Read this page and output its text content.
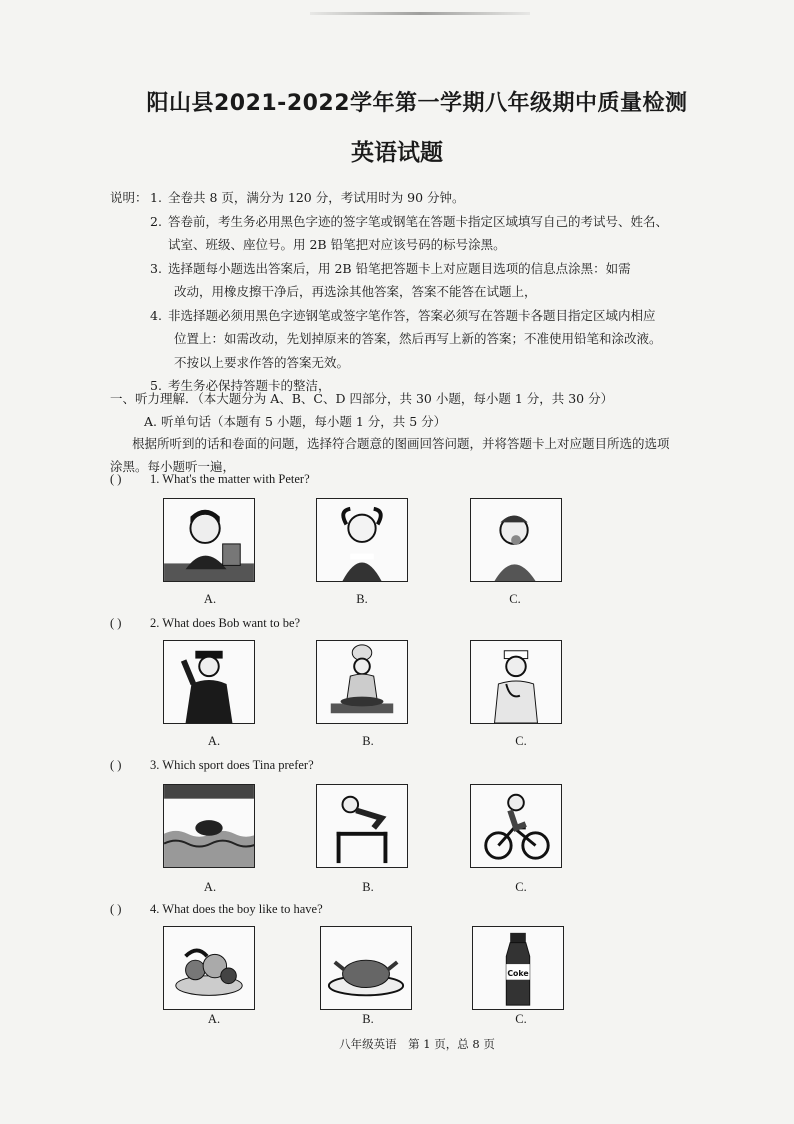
阳山县2021-2022学年第一学期八年级期中质量检测
英语试题
说明： 1. 全卷共 8 页，满分为 120 分，考试用时为 90 分钟。
2. 答卷前，考生务必用黑色字迹的签字笔或钢笔在答题卡指定区域填写自己的考试号、姓名、
试室、班级、座位号。用 2B 铅笔把对应该号码的标号涂黑。
3. 选择题每小题选出答案后，用 2B 铅笔把答题卡上对应题目选项的信息点涂黑：如需
改动，用橡皮擦干净后，再选涂其他答案，答案不能答在试题上，
4. 非选择题必须用黑色字迹钢笔或签字笔作答，答案必须写在答题卡各题目指定区域内相应
位置上：如需改动，先划掉原来的答案，然后再写上新的答案；不准使用铅笔和涂改液。
不按以上要求作答的答案无效。
5. 考生务必保持答题卡的整洁，
一、听力理解．（本大题分为 A、B、C、D 四部分，共 30 小题，每小题 1 分，共 30 分）
A. 听单句话（本题有 5 小题，每小题 1 分，共 5 分）
根据所听到的话和卷面的问题，选择符合题意的图画回答问题，并将答题卡上对应题目所选的选项
涂黑。每小题听一遍，
( ) 1. What's the matter with Peter?
A.	B.	C.
( ) 2. What does Bob want to be?
A.	B.	C.
( ) 3. Which sport does Tina prefer?
A.	B.	C.
( ) 4. What does the boy like to have?
Coke
A.	B.	C.
八年级英语　第 1 页，总 8 页
